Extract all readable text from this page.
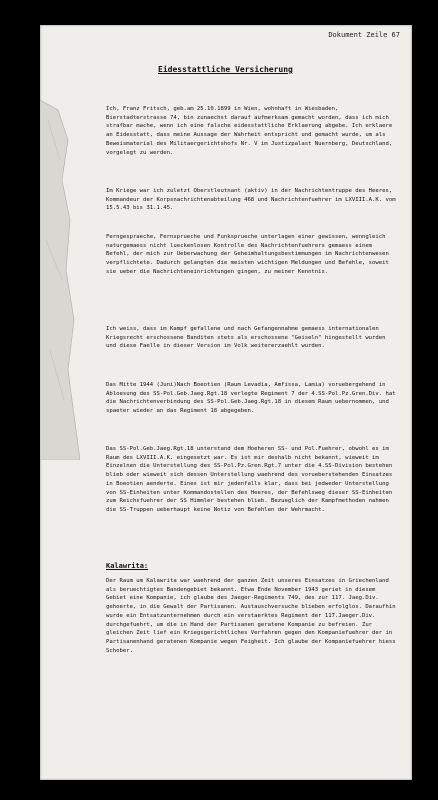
Dokument Zeile 67
Eidesstattliche Versicherung
Ich, Franz Fritsch, geb.am 25.10.1899 in Wien, wohnhaft in Wiesbaden, Bierstadterstrasse 74, bin zunaechst darauf aufmerksam gemacht worden, dass ich mich strafbar mache, wenn ich eine falsche eidesstattliche Erklaerung abgebe. Ich erklaere an Eidesstatt, dass meine Aussage der Wahrheit entspricht und gemacht wurde, um als Beweismaterial des Militaergerichtshofs Nr. V im Justizpalast Nuernberg, Deutschland, vorgelegt zu werden.
Im Kriege war ich zuletzt Oberstleutnant (aktiv) in der Nachrichtentruppe des Heeres, Kommandeur der Korpsnachrichtenabteilung 468 und Nachrichtenfuehrer im LXVIII.A.K. vom 15.5.43 bis 31.1.45.
Ferngespraeche, Fernsprueche und Funksprueche unterlagen einer gewissen, wenngleich naturgemaess nicht lueckenlosen Kontrolle des Nachrichtenfuehrers gemaess einem Befehl, der mich zur Ueberwachung der Geheimhaltungsbestimmungen im Nachrichtenwesen verpflichtete. Dadurch gelangten die meisten wichtigen Meldungen und Befehle, soweit sie ueber die Nachrichteneinrichtungen gingen, zu meiner Kenntnis.
Ich weiss, dass im Kampf gefallene und nach Gefangennahme gemaess internationalen Kriegsrecht erschossene Banditen stets als erschossene "Geiseln" hingestellt wurden und diese Faelle in dieser Version im Volk weitererzaehlt wurden.
Das Mitte 1944 (Juni)Nach Boeotien (Raum Levadia, Amfissa, Lamia) voruebergehend in Abloesung des SS-Pol.Geb.Jaeg.Rgt.18 verlegte Regiment 7 der 4.SS-Pol.Pz.Gren.Div. hat die Nachrichtenverbindung des SS-Pol.Geb.Jaeg.Rgt.18 in diesem Raum uebernommen, und spaeter wieder an das Regiment 18 abgegeben.
Das SS-Pol.Geb.Jaeg.Rgt.18 unterstand dem Hoeheren SS- und Pol.Fuehrer, obwohl es im Raum des LXVIII.A.K. eingesetzt war. Es ist mir deshalb nicht bekannt, wieweit im Einzelnen die Unterstellung des SS-Pol.Pz.Gren.Rgt.7 unter die 4.SS-Division bestehen blieb oder wieweit sich dessen Unterstellung waehrend des vorueberstehenden Einsatzes in Boeotien aenderte. Eines ist mir jedenfalls klar, dass bei jedweder Unterstellung von SS-Einheiten unter Kommandostellen des Heeres, der Befehlsweg dieser SS-Einheiten zum Reichsfuehrer der SS Himmler bestehen blieb. Bezueglich der Kampfmethoden nahmen die SS-Truppen ueberhaupt keine Notiz von Befehlen der Wehrmacht.
Kalawrita:
Der Raum um Kalawrita war waehrend der ganzen Zeit unseres Einsatzes in Griechenland als beruechtigtes Bandengebiet bekannt. Etwa Ende November 1943 geriet in diesem Gebiet eine Kompanie, ich glaube des Jaeger-Regiments 749, des zur 117. Jaeg.Div. gehoerte, in die Gewalt der Partisanen. Austauschversuche blieben erfolglos. Daraufhin wurde ein Entsatzunternehmen durch ein verstaerktes Regiment der 117.Jaeger.Div. durchgefuehrt, um die in Hand der Partisanen geratene Kompanie zu befreien. Zur gleichen Zeit lief ein Kriegsgerichtliches Verfahren gegen den Kompaniefuehrer der in Partisanenhand geratenen Kompanie wegen Feigheit. Ich glaube der Kompaniefuehrer hiess Schober.
